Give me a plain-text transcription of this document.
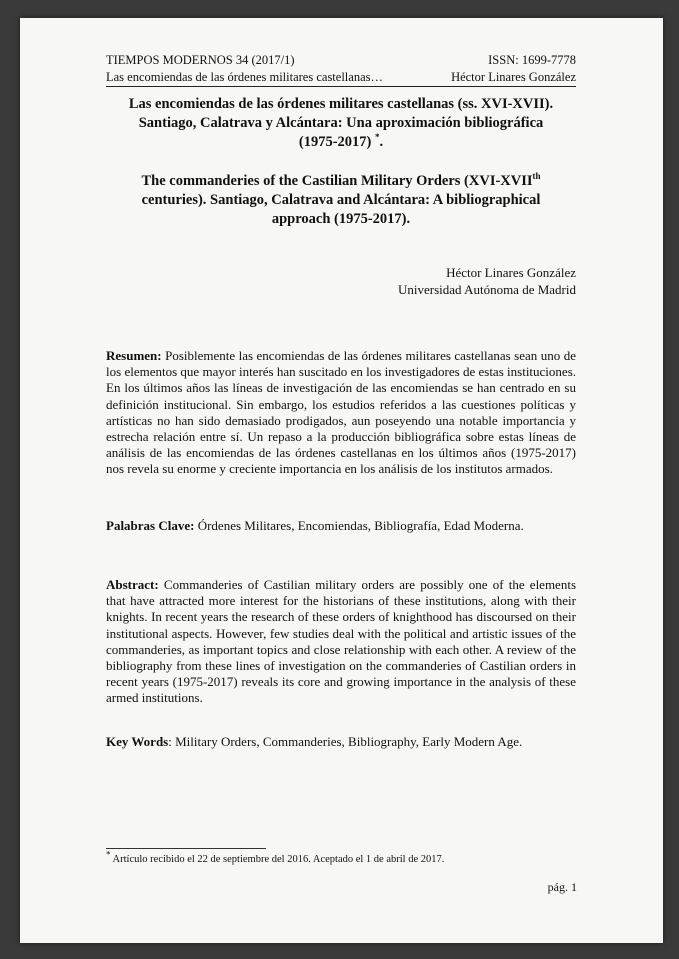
TIEMPOS MODERNOS 34 (2017/1)	ISSN: 1699-7778
Las encomiendas de las órdenes militares castellanas…	Héctor Linares González
Las encomiendas de las órdenes militares castellanas (ss. XVI-XVII).
Santiago, Calatrava y Alcántara: Una aproximación bibliográfica
(1975-2017) *.
The commanderies of the Castilian Military Orders (XVI-XVIIth
centuries). Santiago, Calatrava and Alcántara: A bibliographical
approach (1975-2017).
Héctor Linares González
Universidad Autónoma de Madrid
Resumen: Posiblemente las encomiendas de las órdenes militares castellanas sean uno de los elementos que mayor interés han suscitado en los investigadores de estas instituciones. En los últimos años las líneas de investigación de las encomiendas se han centrado en su definición institucional. Sin embargo, los estudios referidos a las cuestiones políticas y artísticas no han sido demasiado prodigados, aun poseyendo una notable importancia y estrecha relación entre sí. Un repaso a la producción bibliográfica sobre estas líneas de análisis de las encomiendas de las órdenes castellanas en los últimos años (1975-2017) nos revela su enorme y creciente importancia en los análisis de los institutos armados.
Palabras Clave: Órdenes Militares, Encomiendas, Bibliografía, Edad Moderna.
Abstract: Commanderies of Castilian military orders are possibly one of the elements that have attracted more interest for the historians of these institutions, along with their knights. In recent years the research of these orders of knighthood has discoursed on their institutional aspects. However, few studies deal with the political and artistic issues of the commanderies, as important topics and close relationship with each other. A review of the bibliography from these lines of investigation on the commanderies of Castilian orders in recent years (1975-2017) reveals its core and growing importance in the analysis of these armed institutions.
Key Words: Military Orders, Commanderies, Bibliography, Early Modern Age.
* Artículo recibido el 22 de septiembre del 2016. Aceptado el 1 de abril de 2017.
pág. 1
